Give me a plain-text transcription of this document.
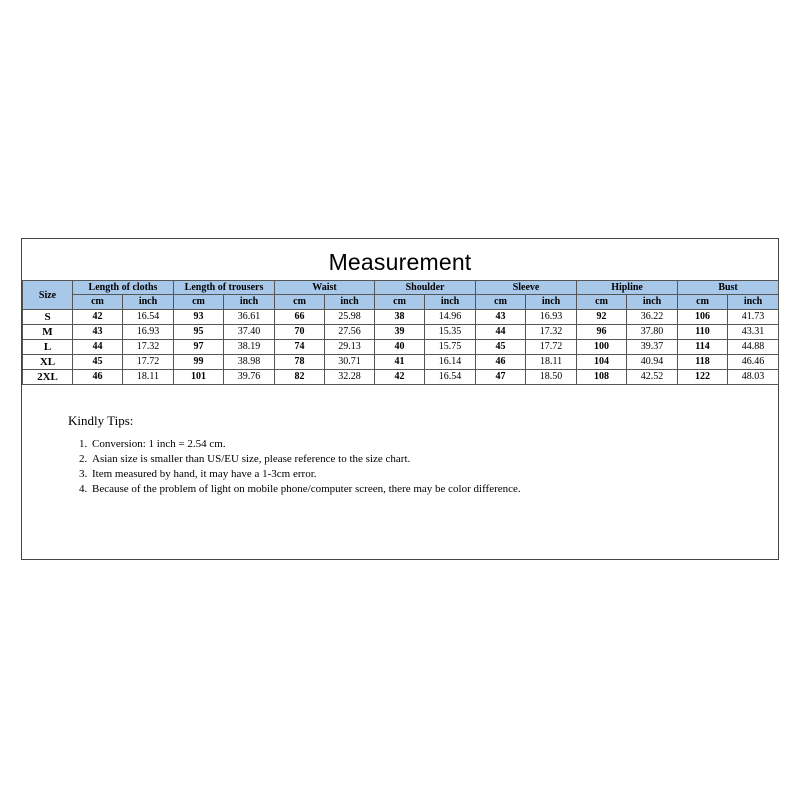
Measurement
Size	Length of cloths		Length of trousers		Waist		Shoulder		Sleeve		Hipline		Bust	
	cm	inch	cm	inch	cm	inch	cm	inch	cm	inch	cm	inch	cm	inch
S	42	16.54	93	36.61	66	25.98	38	14.96	43	16.93	92	36.22	106	41.73
M	43	16.93	95	37.40	70	27.56	39	15.35	44	17.32	96	37.80	110	43.31
L	44	17.32	97	38.19	74	29.13	40	15.75	45	17.72	100	39.37	114	44.88
XL	45	17.72	99	38.98	78	30.71	41	16.14	46	18.11	104	40.94	118	46.46
2XL	46	18.11	101	39.76	82	32.28	42	16.54	47	18.50	108	42.52	122	48.03
Kindly Tips:
1. Conversion: 1 inch = 2.54 cm.
2. Asian size is smaller than US/EU size, please reference to the size chart.
3. Item measured by hand, it may have a 1-3cm error.
4. Because of the problem of light on mobile phone/computer screen, there may be color difference.
